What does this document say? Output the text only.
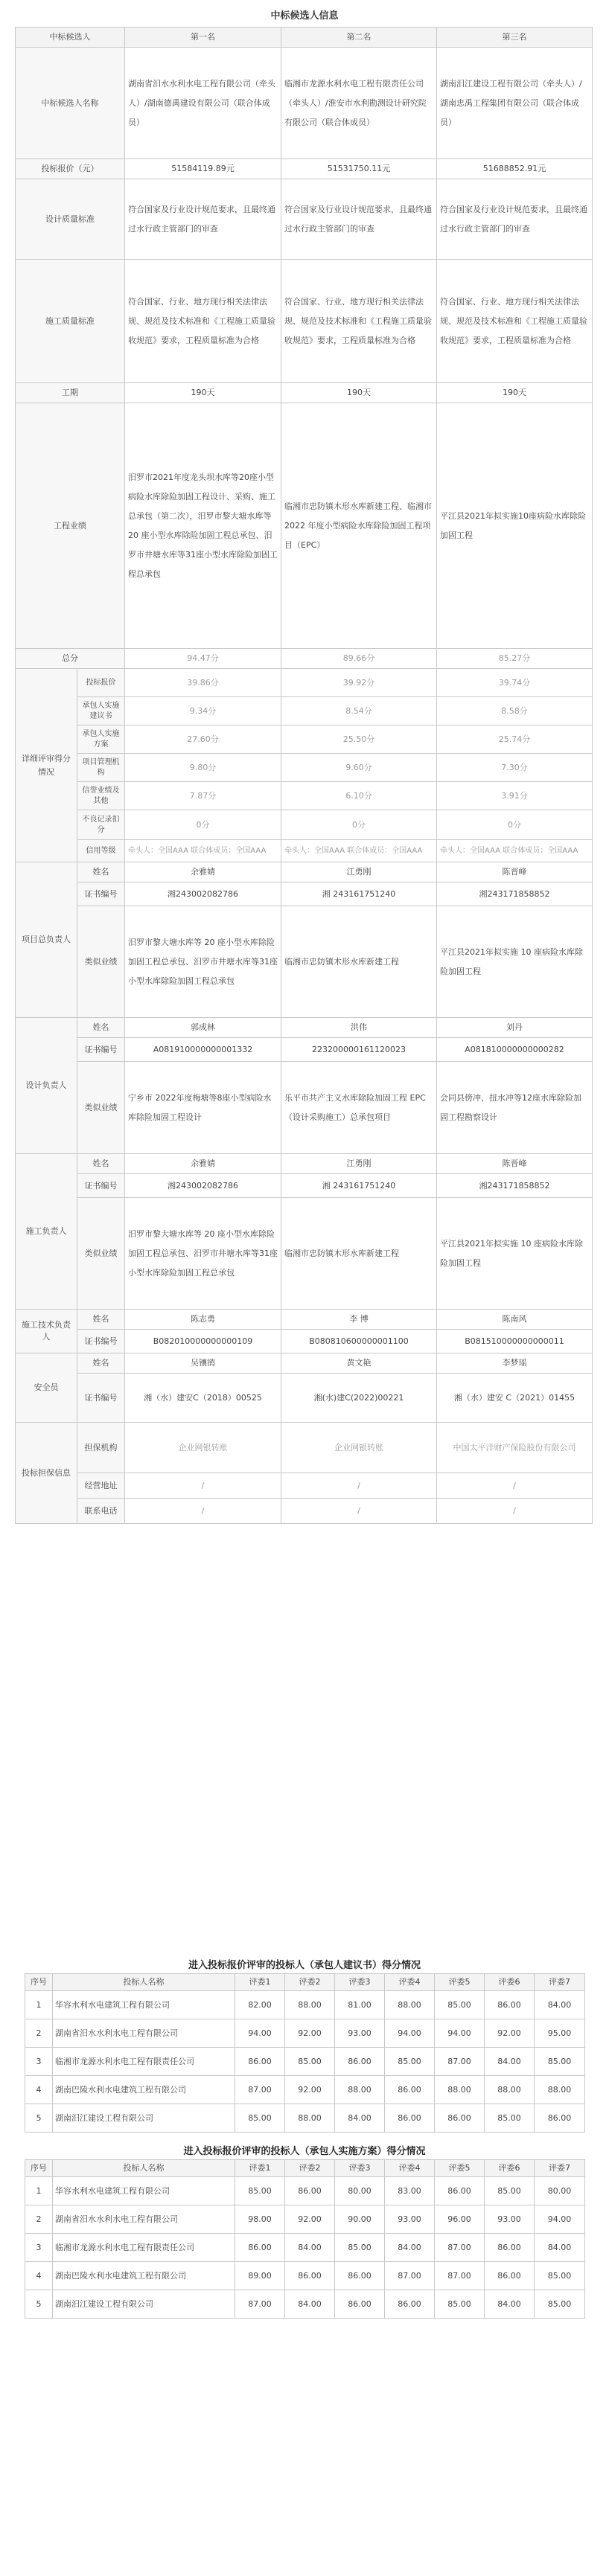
中标候选人信息
中标候选人		第一名	第二名	第三名
中标候选人名称		湖南省汨水水利水电工程有限公司（牵头人）/湖南德禹建设有限公司（联合体成员）	临湘市龙源水利水电工程有限责任公司（牵头人）/淮安市水利勘测设计研究院有限公司（联合体成员）	湖南汨江建设工程有限公司（牵头人）/湖南忠禹工程集团有限公司（联合体成员）
投标报价（元）		51584119.89元	51531750.11元	51688852.91元
设计质量标准		符合国家及行业设计规范要求，且最终通过水行政主管部门的审查	符合国家及行业设计规范要求，且最终通过水行政主管部门的审查	符合国家及行业设计规范要求，且最终通过水行政主管部门的审查
施工质量标准		符合国家、行业、地方现行相关法律法规、规范及技术标准和《工程施工质量验收规范》要求，工程质量标准为合格	符合国家、行业、地方现行相关法律法规、规范及技术标准和《工程施工质量验收规范》要求，工程质量标准为合格	符合国家、行业、地方现行相关法律法规、规范及技术标准和《工程施工质量验收规范》要求，工程质量标准为合格
工期		190天	190天	190天
工程业绩		汨罗市2021年度龙头坝水库等20座小型病险水库除险加固工程设计、采购、施工总承包（第二次），汨罗市黎大塘水库等 20 座小型水库除险加固工程总承包、汨罗市井塘水库等31座小型水库除险加固工程总承包	临湘市忠防镇木形水库新建工程、临湘市 2022 年度小型病险水库除险加固工程项目（EPC）	平江县2021年拟实施10座病险水库除险加固工程
总分		94.47分	89.66分	85.27分
详细评审得分情况	投标报价	39.86分	39.92分	39.74分
	承包人实施建议书	9.34分	8.54分	8.58分
	承包人实施方案	27.60分	25.50分	25.74分
	项目管理机构	9.80分	9.60分	7.30分
	信誉业绩及其他	7.87分	6.10分	3.91分
	不良记录扣分	0分	0分	0分
	信用等级	牵头人：全国AAA 联合体成员：全国AAA	牵头人：全国AAA 联合体成员：全国AAA	牵头人：全国AAA 联合体成员：全国AAA
项目总负责人	姓名	余雅婧	江勇刚	陈晋峰
	证书编号	湘243002082786	湘 243161751240	湘243171858852
	类似业绩	汨罗市黎大塘水库等 20 座小型水库除险加固工程总承包、汨罗市井塘水库等31座小型水库除险加固工程总承包	临湘市忠防镇木形水库新建工程	平江县2021年拟实施 10 座病险水库除险加固工程
设计负责人	姓名	郭成林	洪伟	刘丹
	证书编号	A081910000000001332	223200000161120023	A081810000000000282
	类似业绩	宁乡市 2022年度梅塘等8座小型病险水库除险加固工程设计	乐平市共产主义水库除险加固工程 EPC（设计采购施工）总承包项目	会同县傍冲、扭水冲等12座水库除险加固工程勘察设计
施工负责人	姓名	余雅婧	江勇刚	陈晋峰
	证书编号	湘243002082786	湘 243161751240	湘243171858852
	类似业绩	汨罗市黎大塘水库等 20 座小型水库除险加固工程总承包、汨罗市井塘水库等31座小型水库除险加固工程总承包	临湘市忠防镇木形水库新建工程	平江县2021年拟实施 10 座病险水库除险加固工程
施工技术负责人	姓名	陈志勇	李 博	陈南风
	证书编号	B082010000000000109	B080810600000001100	B081510000000000011
安全员	姓名	吴镶鹆	黄文艳	李梦瑶
	证书编号	湘（水）建安C（2018）00525	湘(水)建C(2022)00221	湘（水）建安 C（2021）01455
投标担保信息	担保机构	企业网银转账	企业网银转账	中国太平洋财产保险股份有限公司
	经营地址	/	/	/
	联系电话	/	/	/
进入投标报价评审的投标人（承包人建议书）得分情况
序号	投标人名称	评委1	评委2	评委3	评委4	评委5	评委6	评委7
1	华容水利水电建筑工程有限公司	82.00	88.00	81.00	88.00	85.00	86.00	84.00
2	湖南省汨水水利水电工程有限公司	94.00	92.00	93.00	94.00	94.00	92.00	95.00
3	临湘市龙源水利水电工程有限责任公司	86.00	85.00	86.00	85.00	87.00	84.00	85.00
4	湖南巴陵水利水电建筑工程有限公司	87.00	92.00	88.00	86.00	88.00	88.00	88.00
5	湖南汨江建设工程有限公司	85.00	88.00	84.00	86.00	86.00	85.00	86.00
进入投标报价评审的投标人（承包人实施方案）得分情况
序号	投标人名称	评委1	评委2	评委3	评委4	评委5	评委6	评委7
1	华容水利水电建筑工程有限公司	85.00	86.00	80.00	83.00	86.00	85.00	80.00
2	湖南省汨水水利水电工程有限公司	98.00	92.00	90.00	93.00	96.00	93.00	94.00
3	临湘市龙源水利水电工程有限责任公司	86.00	84.00	85.00	84.00	87.00	86.00	84.00
4	湖南巴陵水利水电建筑工程有限公司	89.00	86.00	86.00	87.00	87.00	86.00	85.00
5	湖南汨江建设工程有限公司	87.00	84.00	86.00	86.00	85.00	84.00	85.00
